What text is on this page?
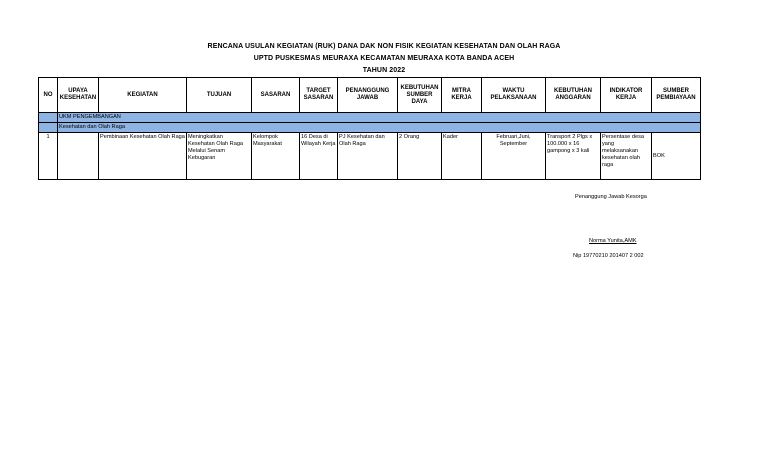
RENCANA USULAN KEGIATAN (RUK) DANA DAK NON FISIK KEGIATAN KESEHATAN DAN OLAH RAGA
UPTD PUSKESMAS MEURAXA KECAMATAN MEURAXA KOTA BANDA ACEH
TAHUN 2022
NO	UPAYA KESEHATAN	KEGIATAN	TUJUAN	SASARAN	TARGET SASARAN	PENANGGUNG JAWAB	KEBUTUHAN SUMBER DAYA	MITRA KERJA	WAKTU PELAKSANAAN	KEBUTUHAN ANGGARAN	INDIKATOR KERJA	SUMBER PEMBIAYAAN
	UKM PENGEMBANGAN											
	Kesehatan dan Olah Raga											
1		Pembinaan Kesehatan Olah Raga	Meningkatkan Kesehatan Olah Raga Melalui Senam Kebugaran	Kelompok Masyarakat	16 Desa di Wilayah Kerja	PJ Kesehatan dan Olah Raga	2 Orang	Kader	Februari,Juni, September	Transport 2 Plgs x 100.000 x 16 gampong x 3 kali	Persentase desa yang melaksanakan kesehatan olah raga	BOK
Penanggung Jawab Kesorga
Norma Yunita,AMK
Nip 19770210 201407 2 002
